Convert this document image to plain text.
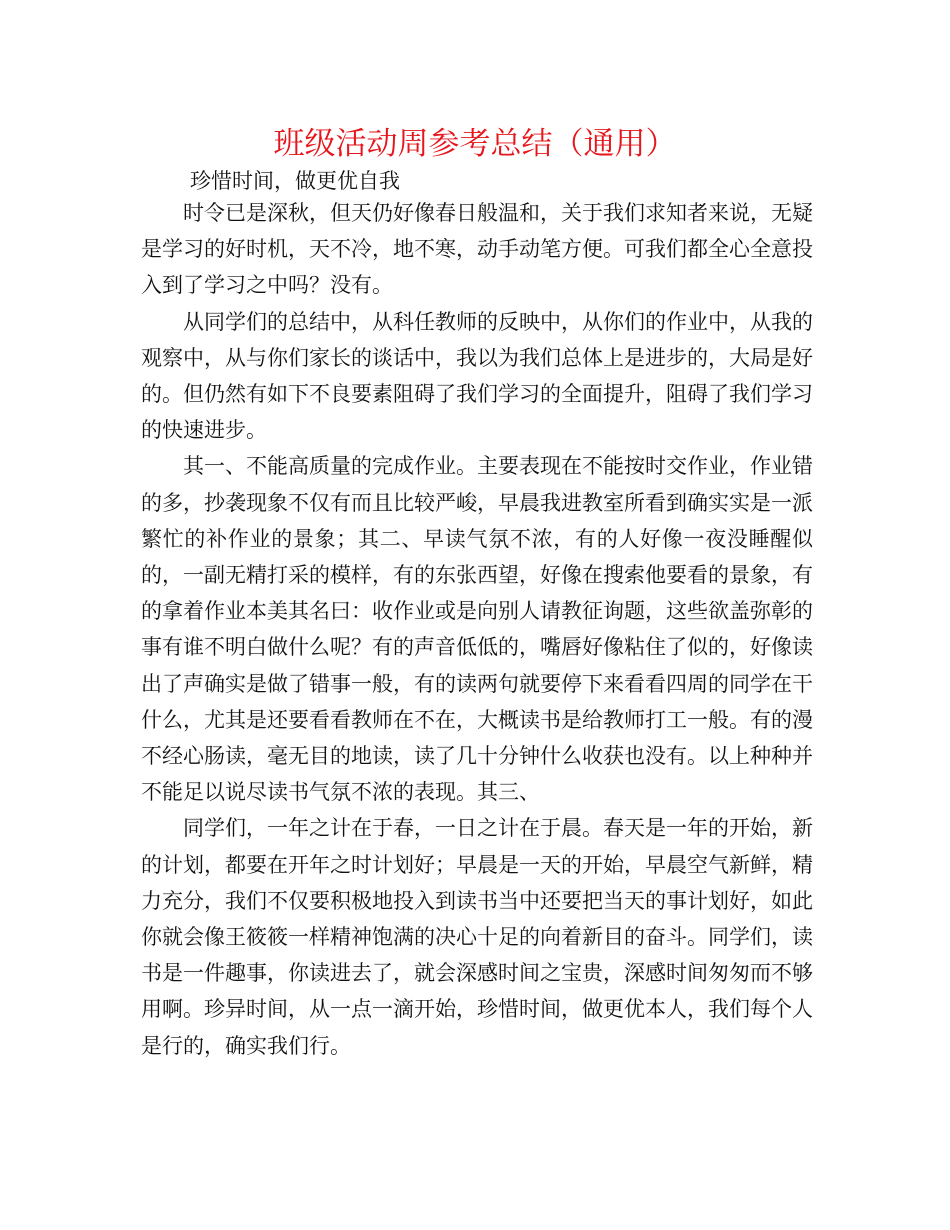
班级活动周参考总结（通用）
珍惜时间，做更优自我

时令已是深秋，但天仍好像春日般温和，关于我们求知者来说，无疑是学习的好时机，天不冷，地不寒，动手动笔方便。可我们都全心全意投入到了学习之中吗？没有。

从同学们的总结中，从科任教师的反映中，从你们的作业中，从我的观察中，从与你们家长的谈话中，我以为我们总体上是进步的，大局是好的。但仍然有如下不良要素阻碍了我们学习的全面提升，阻碍了我们学习的快速进步。

其一、不能高质量的完成作业。主要表现在不能按时交作业，作业错的多，抄袭现象不仅有而且比较严峻，早晨我进教室所看到确实实是一派繁忙的补作业的景象；其二、早读气氛不浓，有的人好像一夜没睡醒似的，一副无精打采的模样，有的东张西望，好像在搜索他要看的景象，有的拿着作业本美其名曰：收作业或是向别人请教征询题，这些欲盖弥彰的事有谁不明白做什么呢？有的声音低低的，嘴唇好像粘住了似的，好像读出了声确实是做了错事一般，有的读两句就要停下来看看四周的同学在干什么，尤其是还要看看教师在不在，大概读书是给教师打工一般。有的漫不经心肠读，毫无目的地读，读了几十分钟什么收获也没有。以上种种并不能足以说尽读书气氛不浓的表现。其三、

同学们，一年之计在于春，一日之计在于晨。春天是一年的开始，新的计划，都要在开年之时计划好；早晨是一天的开始，早晨空气新鲜，精力充分，我们不仅要积极地投入到读书当中还要把当天的事计划好，如此你就会像王筱筱一样精神饱满的决心十足的向着新目的奋斗。同学们，读书是一件趣事，你读进去了，就会深感时间之宝贵，深感时间匆匆而不够用啊。珍异时间，从一点一滴开始，珍惜时间，做更优本人，我们每个人是行的，确实我们行。
